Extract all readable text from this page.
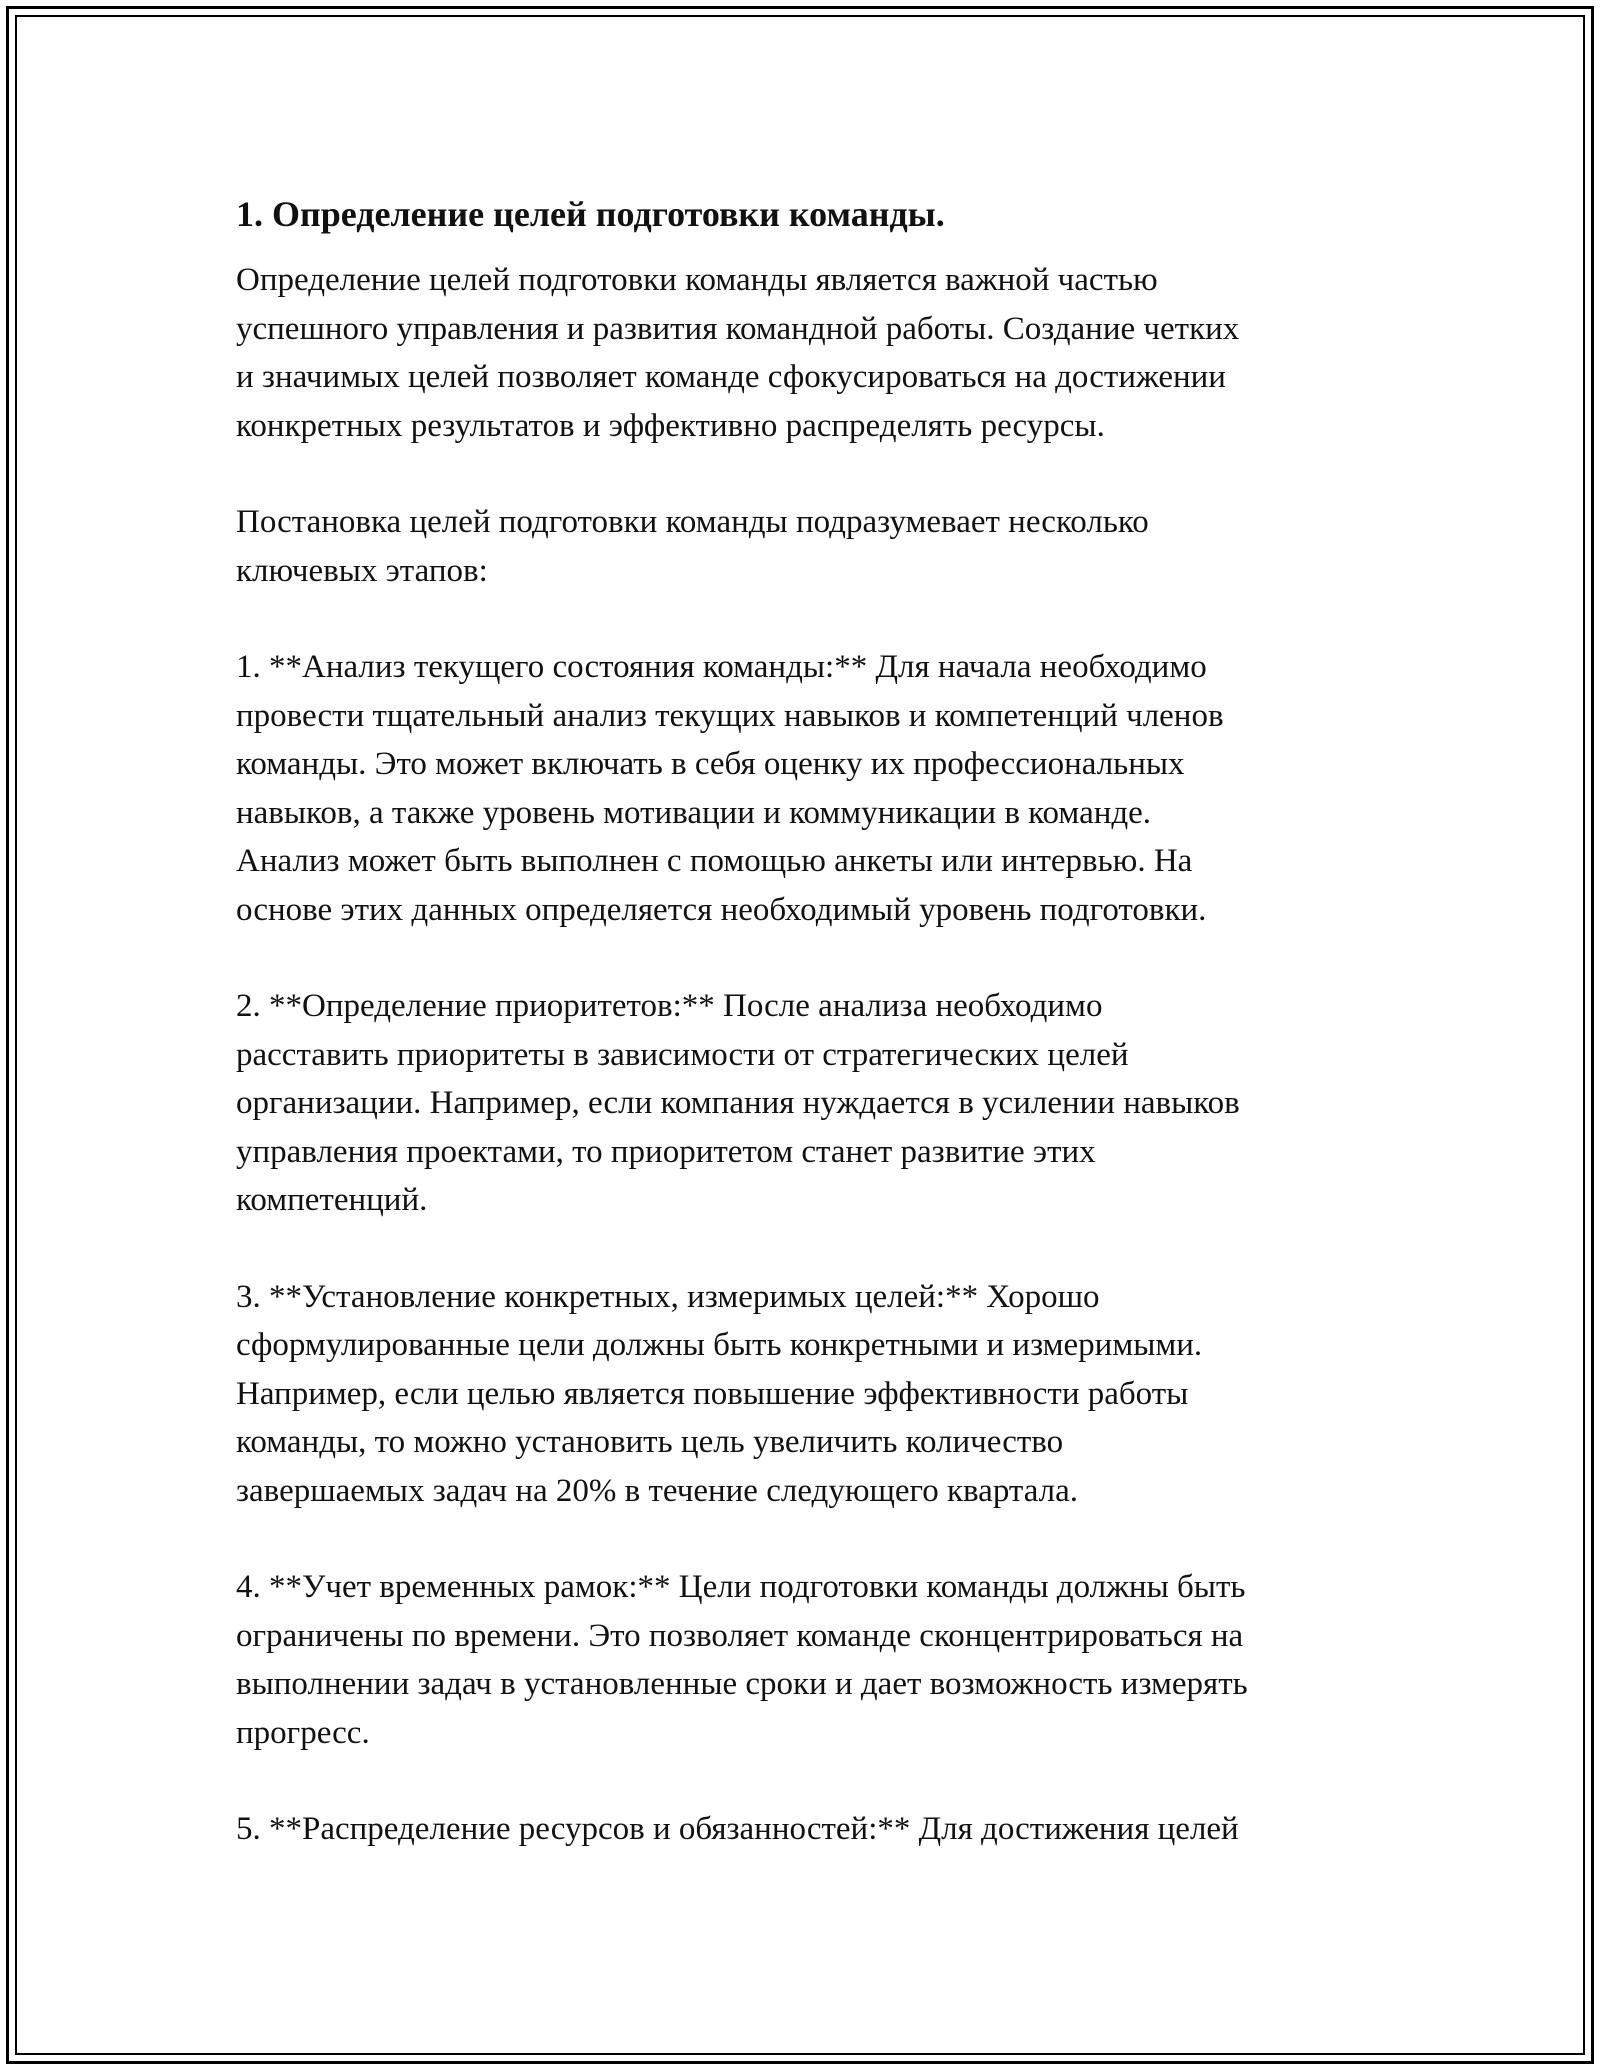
1. Определение целей подготовки команды.
Определение целей подготовки команды является важной частью
успешного управления и развития командной работы. Создание четких
и значимых целей позволяет команде сфокусироваться на достижении
конкретных результатов и эффективно распределять ресурсы.
Постановка целей подготовки команды подразумевает несколько
ключевых этапов:
1. **Анализ текущего состояния команды:** Для начала необходимо
провести тщательный анализ текущих навыков и компетенций членов
команды. Это может включать в себя оценку их профессиональных
навыков, а также уровень мотивации и коммуникации в команде.
Анализ может быть выполнен с помощью анкеты или интервью. На
основе этих данных определяется необходимый уровень подготовки.
2. **Определение приоритетов:** После анализа необходимо
расставить приоритеты в зависимости от стратегических целей
организации. Например, если компания нуждается в усилении навыков
управления проектами, то приоритетом станет развитие этих
компетенций.
3. **Установление конкретных, измеримых целей:** Хорошо
сформулированные цели должны быть конкретными и измеримыми.
Например, если целью является повышение эффективности работы
команды, то можно установить цель увеличить количество
завершаемых задач на 20% в течение следующего квартала.
4. **Учет временных рамок:** Цели подготовки команды должны быть
ограничены по времени. Это позволяет команде сконцентрироваться на
выполнении задач в установленные сроки и дает возможность измерять
прогресс.
5. **Распределение ресурсов и обязанностей:** Для достижения целей
